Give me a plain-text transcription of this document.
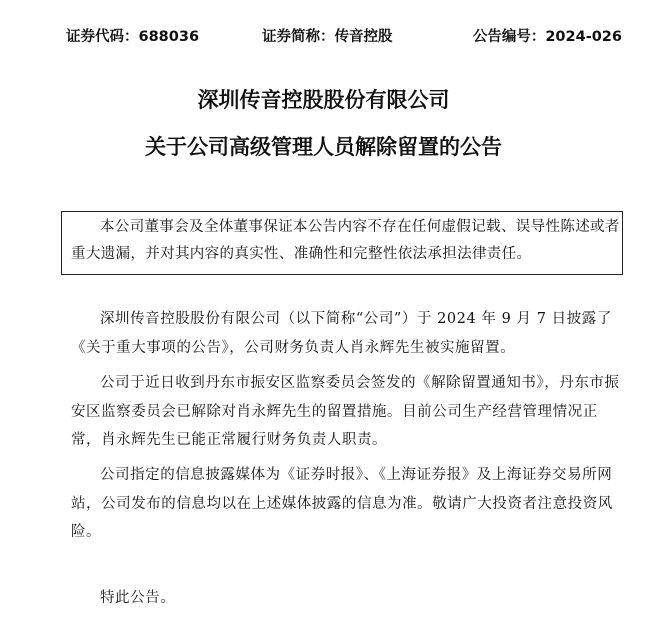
证券代码：688036	证券简称：传音控股	公告编号：2024-026
深圳传音控股股份有限公司
关于公司高级管理人员解除留置的公告
本公司董事会及全体董事保证本公告内容不存在任何虚假记载、误导性陈述或者重大遗漏，并对其内容的真实性、准确性和完整性依法承担法律责任。

深圳传音控股股份有限公司（以下简称“公司”）于 2024 年 9 月 7 日披露了《关于重大事项的公告》，公司财务负责人肖永辉先生被实施留置。

公司于近日收到丹东市振安区监察委员会签发的《解除留置通知书》，丹东市振安区监察委员会已解除对肖永辉先生的留置措施。目前公司生产经营管理情况正常，肖永辉先生已能正常履行财务负责人职责。

公司指定的信息披露媒体为《证券时报》、《上海证券报》及上海证券交易所网站，公司发布的信息均以在上述媒体披露的信息为准。敬请广大投资者注意投资风险。

特此公告。
